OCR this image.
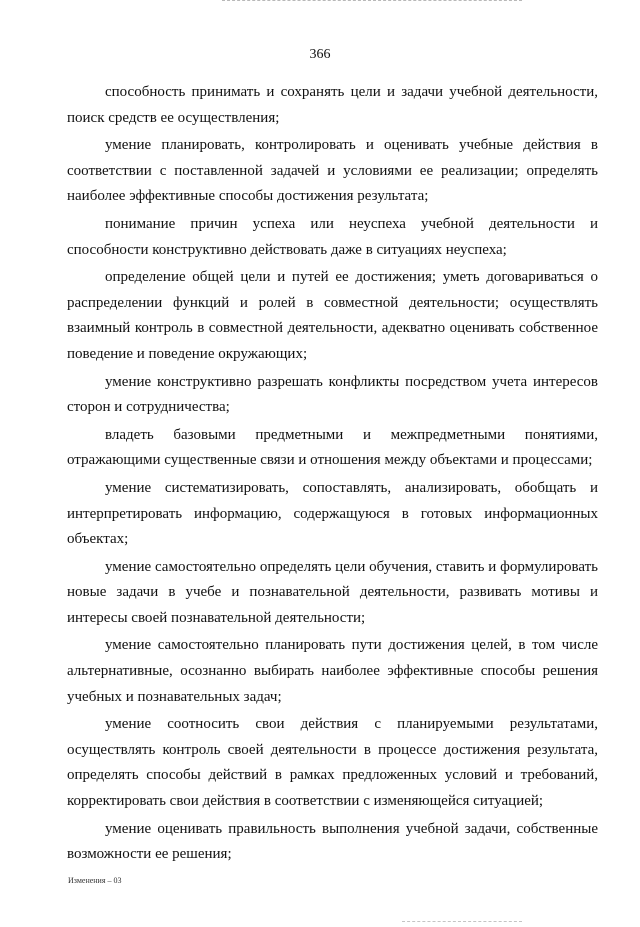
366

способность принимать и сохранять цели и задачи учебной деятельности, поиск средств ее осуществления;

умение планировать, контролировать и оценивать учебные действия в соответствии с поставленной задачей и условиями ее реализации; определять наиболее эффективные способы достижения результата;

понимание причин успеха или неуспеха учебной деятельности и способности конструктивно действовать даже в ситуациях неуспеха;

определение общей цели и путей ее достижения; уметь договариваться о распределении функций и ролей в совместной деятельности; осуществлять взаимный контроль в совместной деятельности, адекватно оценивать собственное поведение и поведение окружающих;

умение конструктивно разрешать конфликты посредством учета интересов сторон и сотрудничества;

владеть базовыми предметными и межпредметными понятиями, отражающими существенные связи и отношения между объектами и процессами;

умение систематизировать, сопоставлять, анализировать, обобщать и интерпретировать информацию, содержащуюся в готовых информационных объектах;

умение самостоятельно определять цели обучения, ставить и формулировать новые задачи в учебе и познавательной деятельности, развивать мотивы и интересы своей познавательной деятельности;

умение самостоятельно планировать пути достижения целей, в том числе альтернативные, осознанно выбирать наиболее эффективные способы решения учебных и познавательных задач;

умение соотносить свои действия с планируемыми результатами, осуществлять контроль своей деятельности в процессе достижения результата, определять способы действий в рамках предложенных условий и требований, корректировать свои действия в соответствии с изменяющейся ситуацией;

умение оценивать правильность выполнения учебной задачи, собственные возможности ее решения;

Изменения – 03
